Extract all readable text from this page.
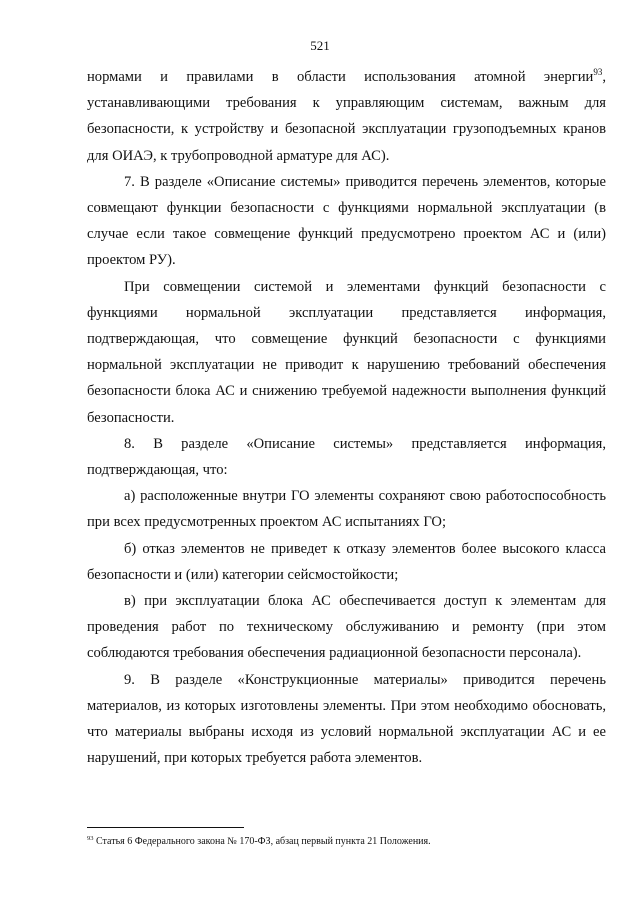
521

нормами и правилами в области использования атомной энергии$^{93}$, устанавливающими требования к управляющим системам, важным для безопасности, к устройству и безопасной эксплуатации грузоподъемных кранов для ОИАЭ, к трубопроводной арматуре для АС).

7. В разделе «Описание системы» приводится перечень элементов, которые совмещают функции безопасности с функциями нормальной эксплуатации (в случае если такое совмещение функций предусмотрено проектом АС и (или) проектом РУ).

При совмещении системой и элементами функций безопасности с функциями нормальной эксплуатации представляется информация, подтверждающая, что совмещение функций безопасности с функциями нормальной эксплуатации не приводит к нарушению требований обеспечения безопасности блока АС и снижению требуемой надежности выполнения функций безопасности.

8. В разделе «Описание системы» представляется информация, подтверждающая, что:

а) расположенные внутри ГО элементы сохраняют свою работоспособность при всех предусмотренных проектом АС испытаниях ГО;

б) отказ элементов не приведет к отказу элементов более высокого класса безопасности и (или) категории сейсмостойкости;

в) при эксплуатации блока АС обеспечивается доступ к элементам для проведения работ по техническому обслуживанию и ремонту (при этом соблюдаются требования обеспечения радиационной безопасности персонала).

9. В разделе «Конструкционные материалы» приводится перечень материалов, из которых изготовлены элементы. При этом необходимо обосновать, что материалы выбраны исходя из условий нормальной эксплуатации АС и ее нарушений, при которых требуется работа элементов.

$^{93}$ Статья 6 Федерального закона № 170-ФЗ, абзац первый пункта 21 Положения.
